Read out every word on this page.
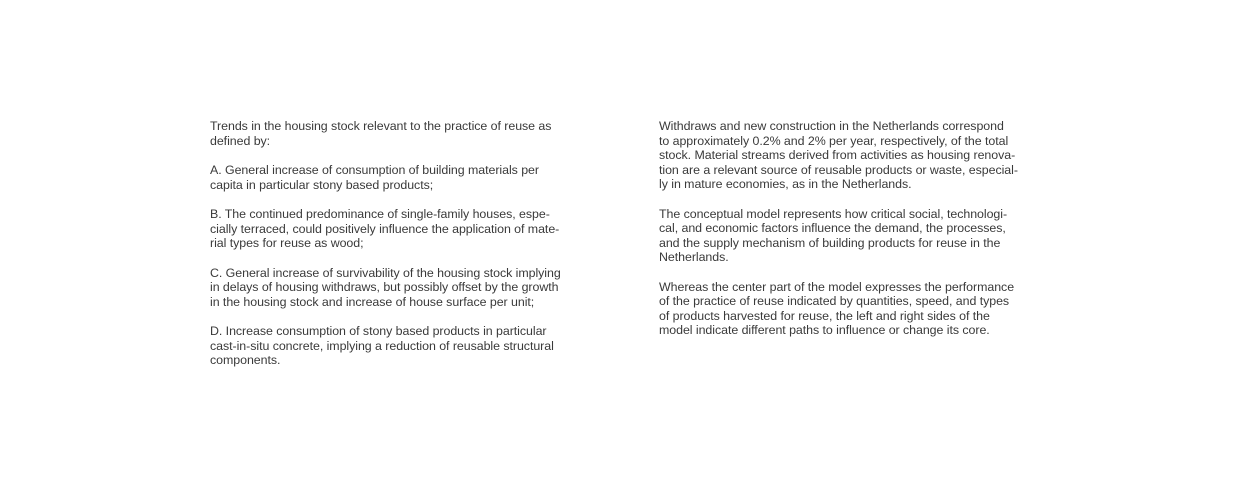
Trends in the housing stock relevant to the practice of reuse as
defined by:

A. General increase of consumption of building materials per
capita in particular stony based products;

B. The continued predominance of single-family houses, espe-
cially terraced, could positively influence the application of mate-
rial types for reuse as wood;

C. General increase of survivability of the housing stock implying
in delays of housing withdraws, but possibly offset by the growth
in the housing stock and increase of house surface per unit;

D. Increase consumption of stony based products in particular
cast-in-situ concrete, implying a reduction of reusable structural
components.

Withdraws and new construction in the Netherlands correspond
to approximately 0.2% and 2% per year, respectively, of the total
stock. Material streams derived from activities as housing renova-
tion are a relevant source of reusable products or waste, especial-
ly in mature economies, as in the Netherlands.

The conceptual model represents how critical social, technologi-
cal, and economic factors influence the demand, the processes,
and the supply mechanism of building products for reuse in the
Netherlands.

Whereas the center part of the model expresses the performance
of the practice of reuse indicated by quantities, speed, and types
of products harvested for reuse, the left and right sides of the
model indicate different paths to influence or change its core.
